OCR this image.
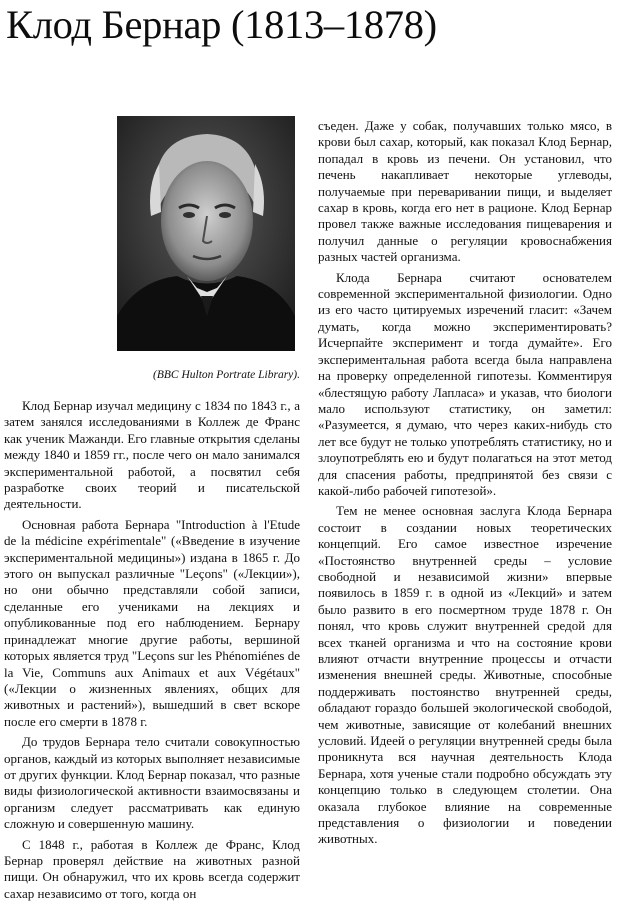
Клод Бернар (1813–1878)
(BBC Hulton Portrate Library).

Клод Бернар изучал медицину с 1834 по 1843 г., а затем занялся исследованиями в Коллеж де Франс как ученик Мажанди. Его главные открытия сделаны между 1840 и 1859 гг., после чего он мало занимался экспериментальной работой, а посвятил себя разработке своих теорий и писательской деятельности.

Основная работа Бернара "Introduction à l'Etude de la médicine expérimentale" («Введение в изучение экспериментальной медицины») издана в 1865 г. До этого он выпускал различные "Leçons" («Лекции»), но они обычно представляли собой записи, сделанные его учениками на лекциях и опубликованные под его наблюдением. Бернару принадлежат многие другие работы, вершиной которых является труд "Leçons sur les Phénomiénes de la Vie, Communs aux Animaux et aux Végétaux" («Лекции о жизненных явлениях, общих для животных и растений»), вышедший в свет вскоре после его смерти в 1878 г.

До трудов Бернара тело считали совокупностью органов, каждый из которых выполняет независимые от других функции. Клод Бернар показал, что разные виды физиологической активности взаимосвязаны и организм следует рассматривать как единую сложную и совершенную машину.

С 1848 г., работая в Коллеж де Франс, Клод Бернар проверял действие на животных разной пищи. Он обнаружил, что их кровь всегда содержит сахар независимо от того, когда он

съеден. Даже у собак, получавших только мясо, в крови был сахар, который, как показал Клод Бернар, попадал в кровь из печени. Он установил, что печень накапливает некоторые углеводы, получаемые при переваривании пищи, и выделяет сахар в кровь, когда его нет в рационе. Клод Бернар провел также важные исследования пищеварения и получил данные о регуляции кровоснабжения разных частей организма.

Клода Бернара считают основателем современной экспериментальной физиологии. Одно из его часто цитируемых изречений гласит: «Зачем думать, когда можно экспериментировать? Исчерпайте эксперимент и тогда думайте». Его экспериментальная работа всегда была направлена на проверку определенной гипотезы. Комментируя «блестящую работу Лапласа» и указав, что биологи мало используют статистику, он заметил: «Разумеется, я думаю, что через каких-нибудь сто лет все будут не только употреблять статистику, но и злоупотреблять ею и будут полагаться на этот метод для спасения работы, предпринятой без связи с какой-либо рабочей гипотезой».

Тем не менее основная заслуга Клода Бернара состоит в создании новых теоретических концепций. Его самое известное изречение «Постоянство внутренней среды – условие свободной и независимой жизни» впервые появилось в 1859 г. в одной из «Лекций» и затем было развито в его посмертном труде 1878 г. Он понял, что кровь служит внутренней средой для всех тканей организма и что на состояние крови влияют отчасти внутренние процессы и отчасти изменения внешней среды. Животные, способные поддерживать постоянство внутренней среды, обладают гораздо большей экологической свободой, чем животные, зависящие от колебаний внешних условий. Идеей о регуляции внутренней среды была проникнута вся научная деятельность Клода Бернара, хотя ученые стали подробно обсуждать эту концепцию только в следующем столетии. Она оказала глубокое влияние на современные представления о физиологии и поведении животных.
